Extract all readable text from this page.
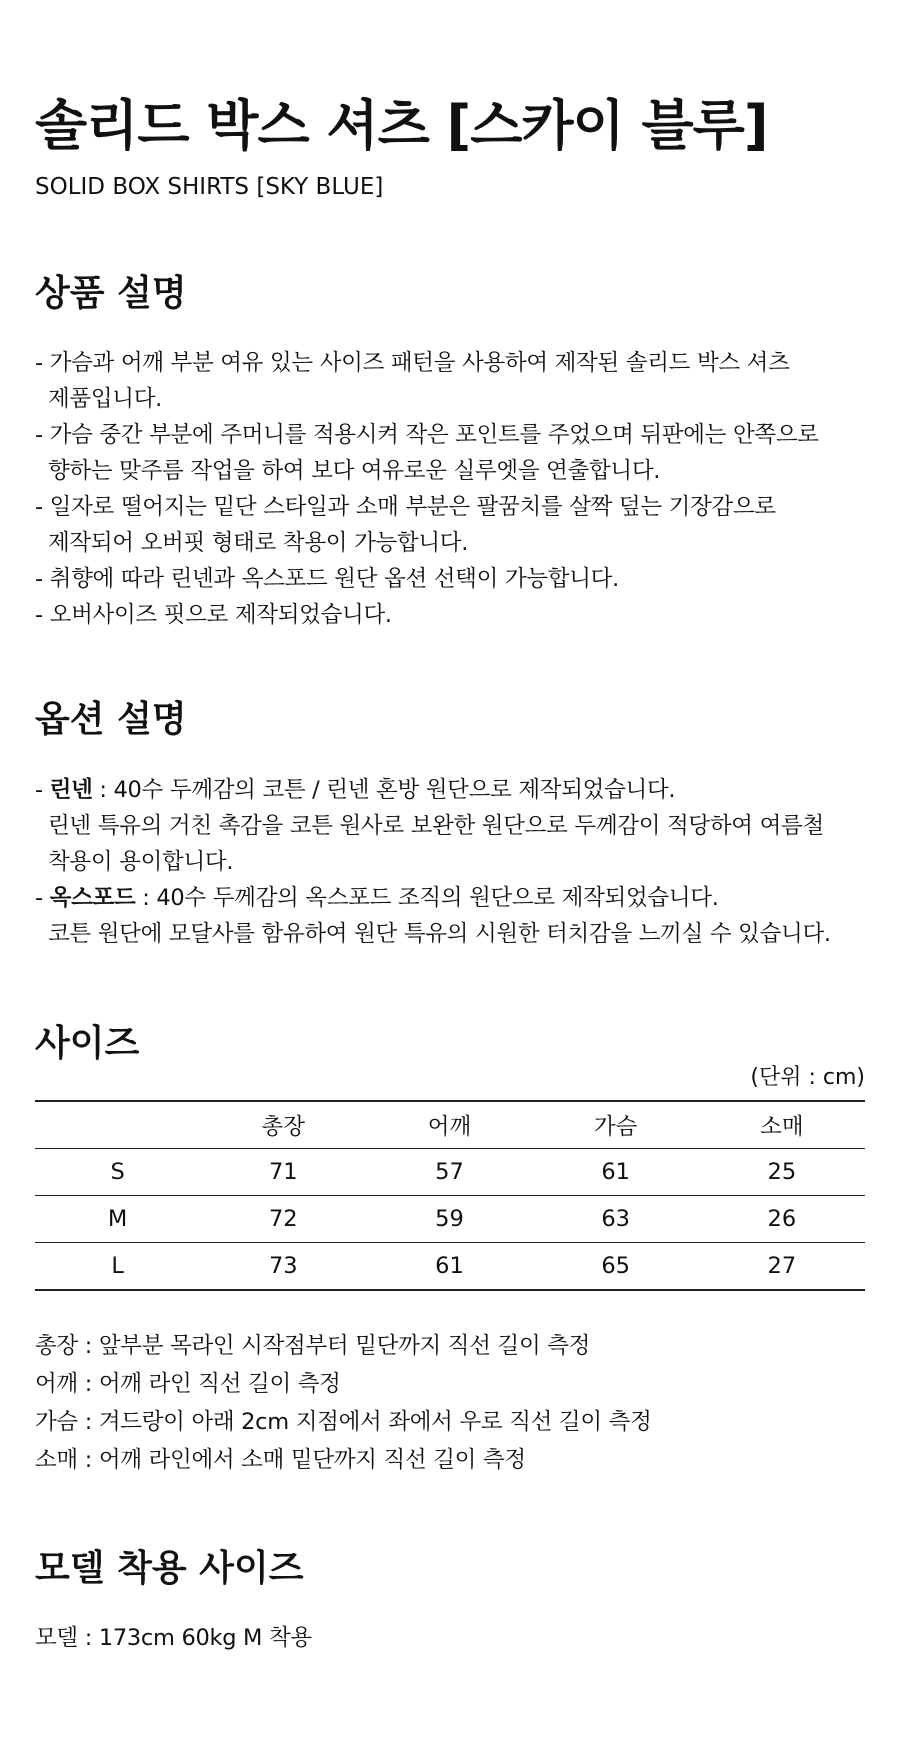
솔리드 박스 셔츠 [스카이 블루]

SOLID BOX SHIRTS [SKY BLUE]

상품 설명
- 가슴과 어깨 부분 여유 있는 사이즈 패턴을 사용하여 제작된 솔리드 박스 셔츠
제품입니다.
- 가슴 중간 부분에 주머니를 적용시켜 작은 포인트를 주었으며 뒤판에는 안쪽으로
향하는 맞주름 작업을 하여 보다 여유로운 실루엣을 연출합니다.
- 일자로 떨어지는 밑단 스타일과 소매 부분은 팔꿈치를 살짝 덮는 기장감으로
제작되어 오버핏 형태로 착용이 가능합니다.
- 취향에 따라 린넨과 옥스포드 원단 옵션 선택이 가능합니다.
- 오버사이즈 핏으로 제작되었습니다.
옵션 설명
- 린넨 : 40수 두께감의 코튼 / 린넨 혼방 원단으로 제작되었습니다.
린넨 특유의 거친 촉감을 코튼 원사로 보완한 원단으로 두께감이 적당하여 여름철
착용이 용이합니다.
- 옥스포드 : 40수 두께감의 옥스포드 조직의 원단으로 제작되었습니다.
코튼 원단에 모달사를 함유하여 원단 특유의 시원한 터치감을 느끼실 수 있습니다.
사이즈
(단위 : cm)
	총장	어깨	가슴	소매
S	71	57	61	25
M	72	59	63	26
L	73	61	65	27
총장 : 앞부분 목라인 시작점부터 밑단까지 직선 길이 측정
어깨 : 어깨 라인 직선 길이 측정
가슴 : 겨드랑이 아래 2cm 지점에서 좌에서 우로 직선 길이 측정
소매 : 어깨 라인에서 소매 밑단까지 직선 길이 측정
모델 착용 사이즈
모델 : 173cm 60kg M 착용
